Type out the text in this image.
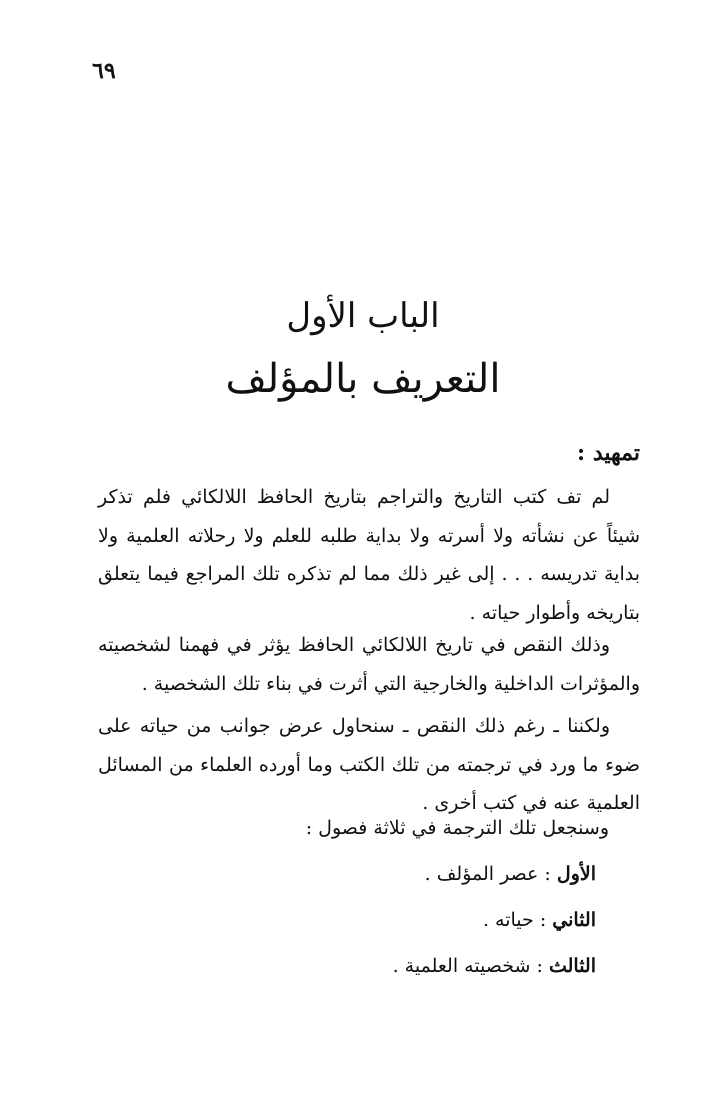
٦٩
الباب الأول
التعريف بالمؤلف
تمهيد :

لم تف كتب التاريخ والتراجم بتاريخ الحافظ اللالكائي فلم تذكر شيئاً عن نشأته ولا أسرته ولا بداية طلبه للعلم ولا رحلاته العلمية ولا بداية تدريسه . . . إلى غير ذلك مما لم تذكره تلك المراجع فيما يتعلق بتاريخه وأطوار حياته .

وذلك النقص في تاريخ اللالكائي الحافظ يؤثر في فهمنا لشخصيته والمؤثرات الداخلية والخارجية التي أثرت في بناء تلك الشخصية .

ولكننا ـ رغم ذلك النقص ـ سنحاول عرض جوانب من حياته على ضوء ما ورد في ترجمته من تلك الكتب وما أورده العلماء من المسائل العلمية عنه في كتب أخرى .

وسنجعل تلك الترجمة في ثلاثة فصول :
الأول : عصر المؤلف .
الثاني : حياته .
الثالث : شخصيته العلمية .
